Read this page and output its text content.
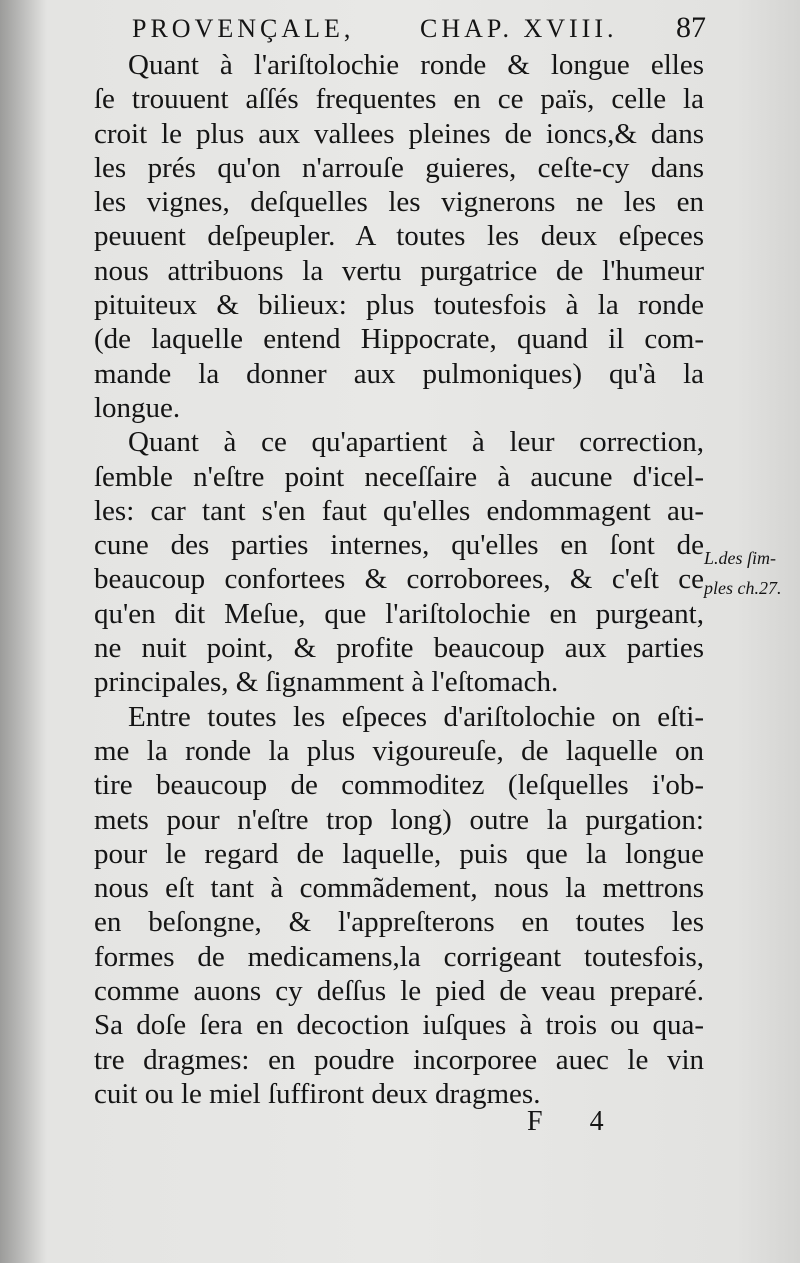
PROVENÇALE,	CHAP. XVIII. 87
Quant à l'ariſtolochie ronde & longue elles
ſe trouuent aſſés frequentes en ce païs, celle la
croit le plus aux vallees pleines de ioncs,& dans
les prés qu'on n'arrouſe guieres, ceſte-cy dans
les vignes, deſquelles les vignerons ne les en
peuuent deſpeupler. A toutes les deux eſpeces
nous attribuons la vertu purgatrice de l'humeur
pituiteux & bilieux: plus toutesfois à la ronde
(de laquelle entend Hippocrate, quand il com-
mande la donner aux pulmoniques) qu'à la
longue.
Quant à ce qu'apartient à leur correction,
ſemble n'eſtre point neceſſaire à aucune d'icel-
les: car tant s'en faut qu'elles endommagent au-
cune des parties internes, qu'elles en ſont de
beaucoup confortees & corroborees, & c'eſt ce
qu'en dit Meſue, que l'ariſtolochie en purgeant,
ne nuit point, & profite beaucoup aux parties
principales, & ſignamment à l'eſtomach.
Entre toutes les eſpeces d'ariſtolochie on eſti-
me la ronde la plus vigoureuſe, de laquelle on
tire beaucoup de commoditez (leſquelles i'ob-
mets pour n'eſtre trop long) outre la purgation:
pour le regard de laquelle, puis que la longue
nous eſt tant à commãdement, nous la mettrons
en beſongne, & l'appreſterons en toutes les
formes de medicamens,la corrigeant toutesfois,
comme auons cy deſſus le pied de veau preparé.
Sa doſe ſera en decoction iuſques à trois ou qua-
tre dragmes: en poudre incorporee auec le vin
cuit ou le miel ſuffiront deux dragmes.
L.des ſim-
ples ch.27.
F 4
